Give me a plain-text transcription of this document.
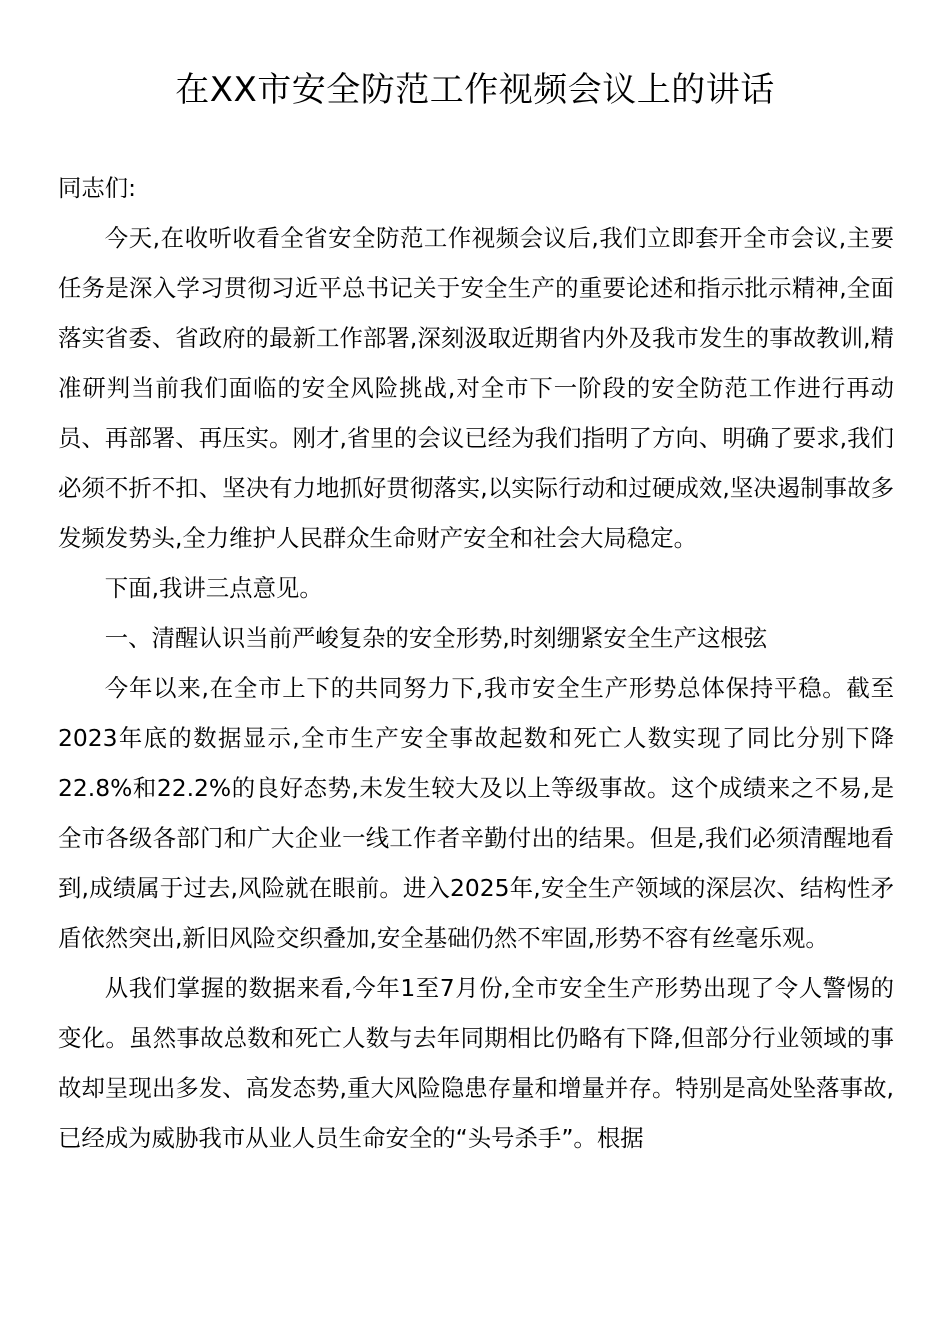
在XX市安全防范工作视频会议上的讲话

同志们:

今天,在收听收看全省安全防范工作视频会议后,我们立即套开全市会议,主要任务是深入学习贯彻习近平总书记关于安全生产的重要论述和指示批示精神,全面落实省委、省政府的最新工作部署,深刻汲取近期省内外及我市发生的事故教训,精准研判当前我们面临的安全风险挑战,对全市下一阶段的安全防范工作进行再动员、再部署、再压实。刚才,省里的会议已经为我们指明了方向、明确了要求,我们必须不折不扣、坚决有力地抓好贯彻落实,以实际行动和过硬成效,坚决遏制事故多发频发势头,全力维护人民群众生命财产安全和社会大局稳定。

下面,我讲三点意见。

一、清醒认识当前严峻复杂的安全形势,时刻绷紧安全生产这根弦

今年以来,在全市上下的共同努力下,我市安全生产形势总体保持平稳。截至2023年底的数据显示,全市生产安全事故起数和死亡人数实现了同比分别下降22.8%和22.2%的良好态势,未发生较大及以上等级事故。这个成绩来之不易,是全市各级各部门和广大企业一线工作者辛勤付出的结果。但是,我们必须清醒地看到,成绩属于过去,风险就在眼前。进入2025年,安全生产领域的深层次、结构性矛盾依然突出,新旧风险交织叠加,安全基础仍然不牢固,形势不容有丝毫乐观。

从我们掌握的数据来看,今年1至7月份,全市安全生产形势出现了令人警惕的变化。虽然事故总数和死亡人数与去年同期相比仍略有下降,但部分行业领域的事故却呈现出多发、高发态势,重大风险隐患存量和增量并存。特别是高处坠落事故,已经成为威胁我市从业人员生命安全的“头号杀手”。根据
